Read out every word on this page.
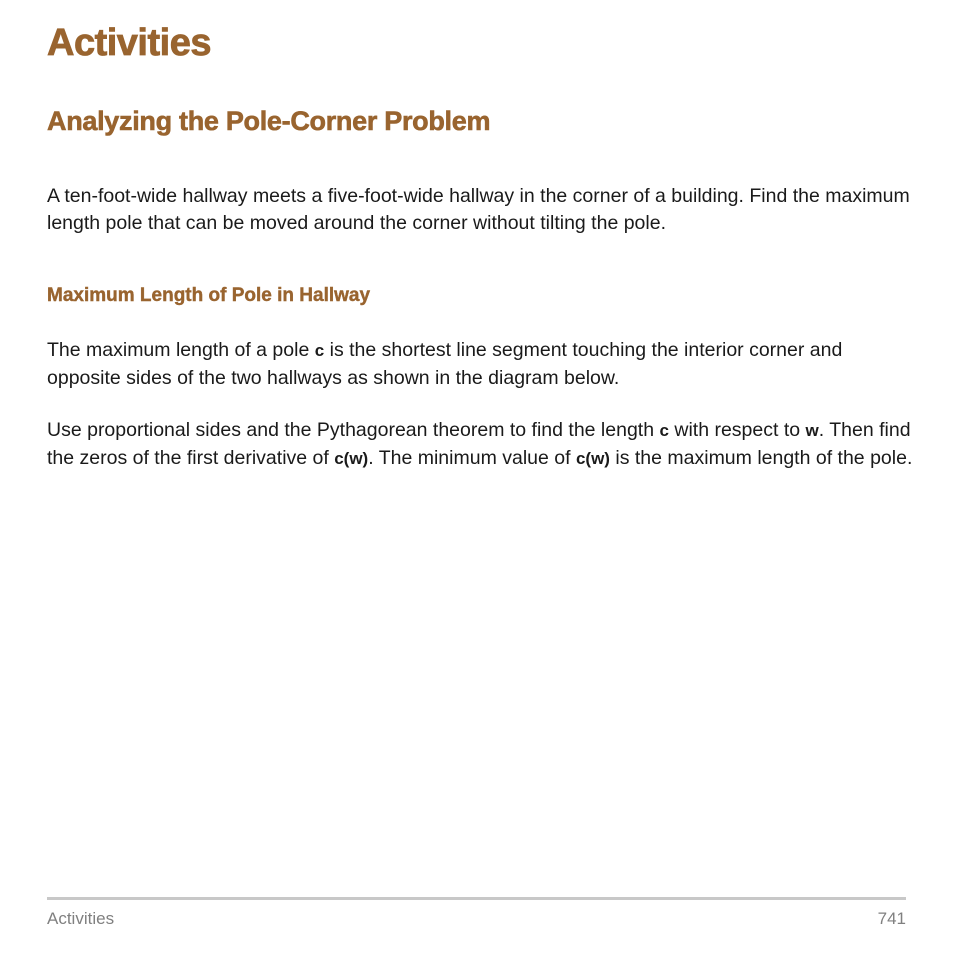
Activities
Analyzing the Pole-Corner Problem

A ten-foot-wide hallway meets a five-foot-wide hallway in the corner of a building. Find the maximum length pole that can be moved around the corner without tilting the pole.

Maximum Length of Pole in Hallway

The maximum length of a pole c is the shortest line segment touching the interior corner and opposite sides of the two hallways as shown in the diagram below.

Use proportional sides and the Pythagorean theorem to find the length c with respect to w. Then find the zeros of the first derivative of c(w). The minimum value of c(w) is the maximum length of the pole.

Activities	741
